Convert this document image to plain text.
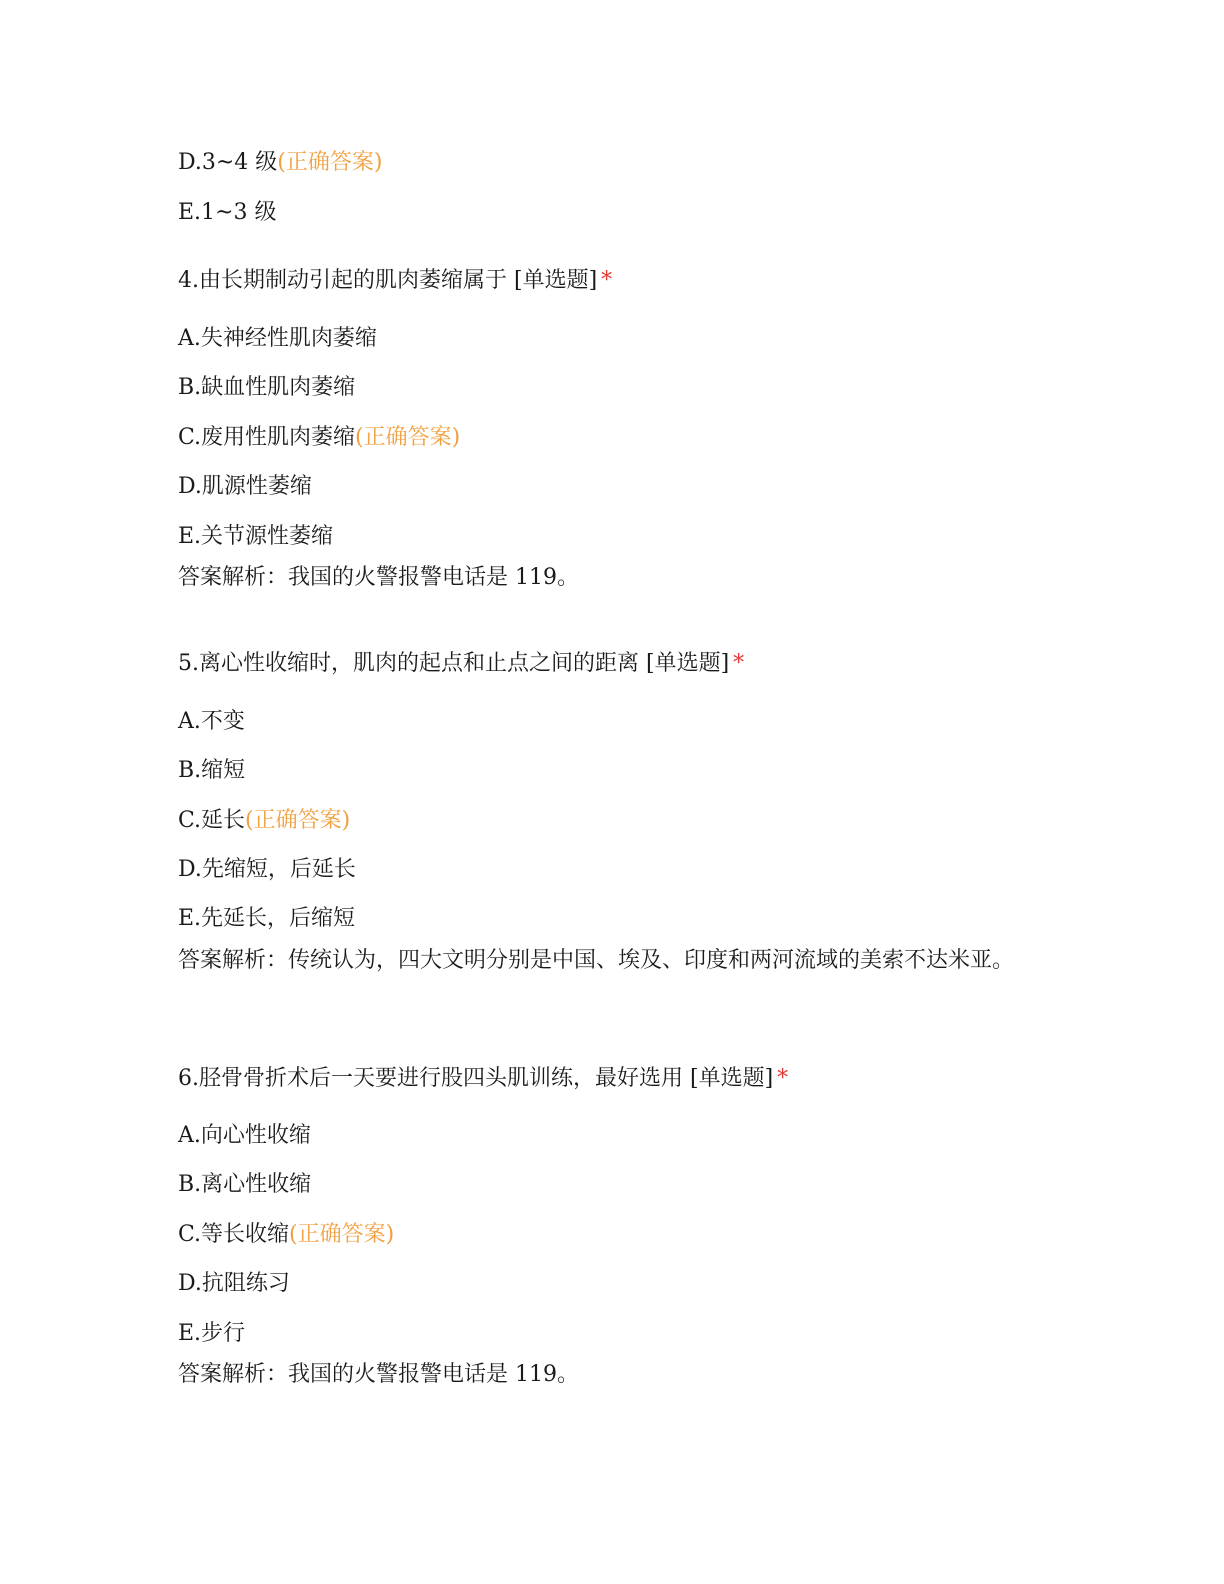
D.3~4 级(正确答案)
E.1~3 级
4.由长期制动引起的肌肉萎缩属于 [单选题] *
A.失神经性肌肉萎缩
B.缺血性肌肉萎缩
C.废用性肌肉萎缩(正确答案)
D.肌源性萎缩
E.关节源性萎缩
答案解析：我国的火警报警电话是 119。
5.离心性收缩时，肌肉的起点和止点之间的距离 [单选题] *
A.不变
B.缩短
C.延长(正确答案)
D.先缩短，后延长
E.先延长，后缩短
答案解析：传统认为，四大文明分别是中国、埃及、印度和两河流域的美索不达米亚。
6.胫骨骨折术后一天要进行股四头肌训练，最好选用 [单选题] *
A.向心性收缩
B.离心性收缩
C.等长收缩(正确答案)
D.抗阻练习
E.步行
答案解析：我国的火警报警电话是 119。
